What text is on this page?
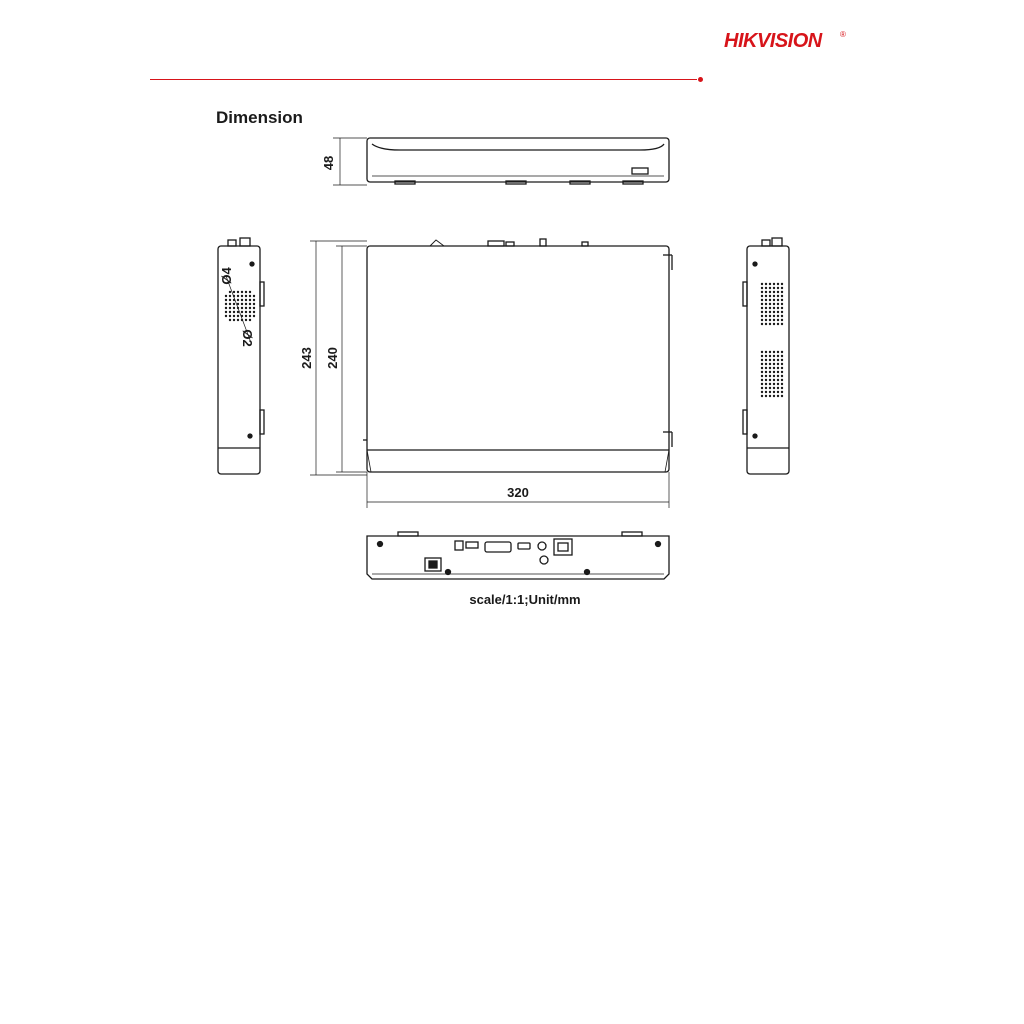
HIKVISION ®
Dimension
48
243 240
320
Ø4
Ø2
scale/1:1;Unit/mm
